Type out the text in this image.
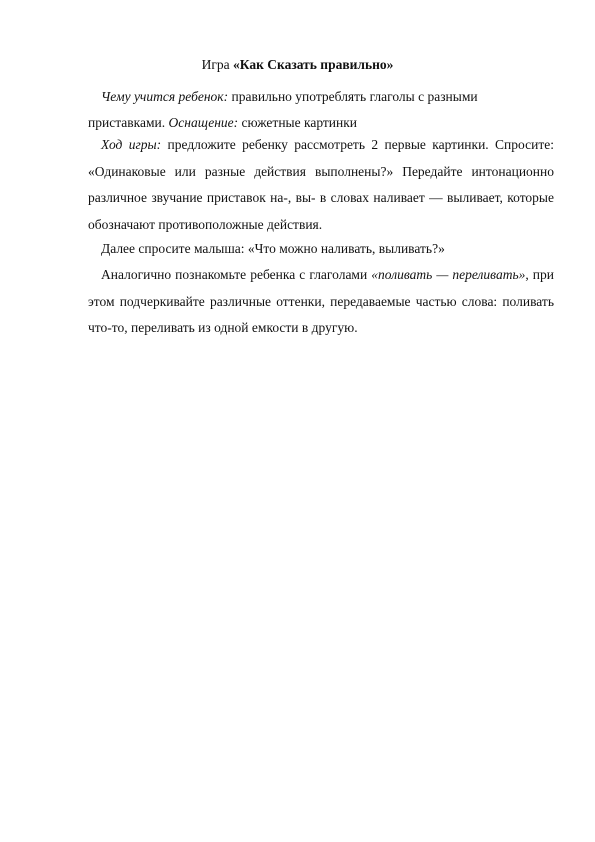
Игра «Как Сказать правильно»
Чему учится ребенок: правильно употреблять глаголы с разными
приставками. Оснащение: сюжетные картинки
Ход игры: предложите ребенку рассмотреть 2 первые картинки. Спросите: «Одинаковые или разные действия выполнены?» Передайте интонационно различное звучание приставок на-, вы- в словах наливает — выливает, которые обозначают противоположные действия.
Далее спросите малыша: «Что можно наливать, выливать?»
Аналогично познакомьте ребенка с глаголами «поливать — переливать», при этом подчеркивайте различные оттенки, передаваемые частью слова: поливать что-то, переливать из одной емкости в другую.
